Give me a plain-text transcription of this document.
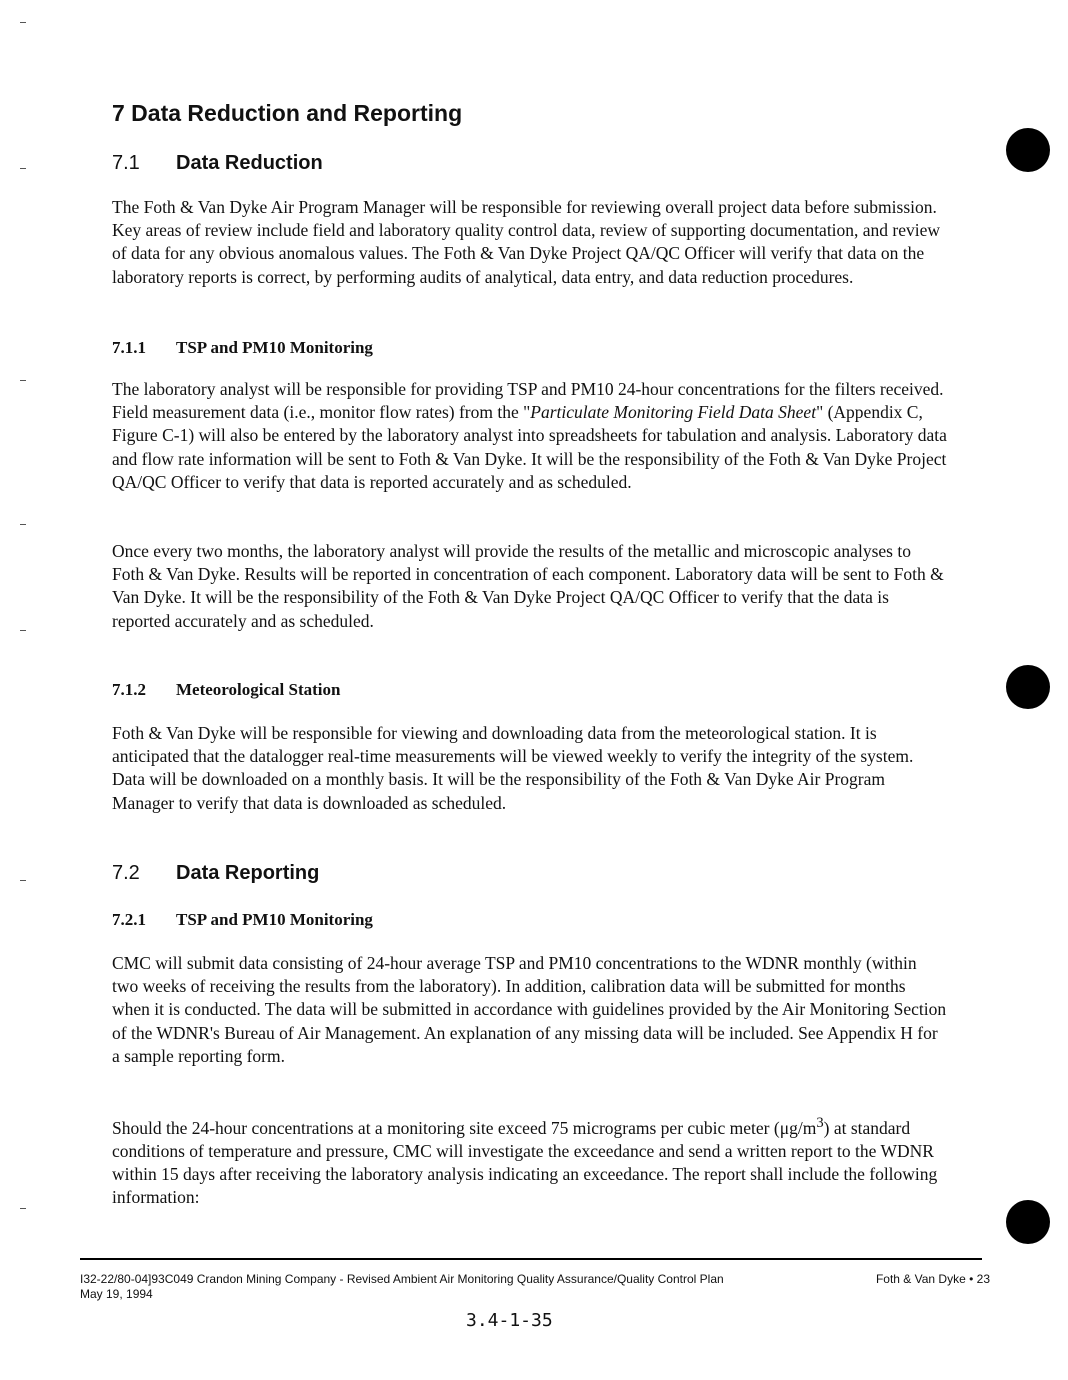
7 Data Reduction and Reporting
7.1 Data Reduction

The Foth & Van Dyke Air Program Manager will be responsible for reviewing overall project data before submission. Key areas of review include field and laboratory quality control data, review of supporting documentation, and review of data for any obvious anomalous values. The Foth & Van Dyke Project QA/QC Officer will verify that data on the laboratory reports is correct, by performing audits of analytical, data entry, and data reduction procedures.

7.1.1 TSP and PM10 Monitoring

The laboratory analyst will be responsible for providing TSP and PM10 24-hour concentrations for the filters received. Field measurement data (i.e., monitor flow rates) from the "Particulate Monitoring Field Data Sheet" (Appendix C, Figure C-1) will also be entered by the laboratory analyst into spreadsheets for tabulation and analysis. Laboratory data and flow rate information will be sent to Foth & Van Dyke. It will be the responsibility of the Foth & Van Dyke Project QA/QC Officer to verify that data is reported accurately and as scheduled.

Once every two months, the laboratory analyst will provide the results of the metallic and microscopic analyses to Foth & Van Dyke. Results will be reported in concentration of each component. Laboratory data will be sent to Foth & Van Dyke. It will be the responsibility of the Foth & Van Dyke Project QA/QC Officer to verify that the data is reported accurately and as scheduled.

7.1.2 Meteorological Station

Foth & Van Dyke will be responsible for viewing and downloading data from the meteorological station. It is anticipated that the datalogger real-time measurements will be viewed weekly to verify the integrity of the system. Data will be downloaded on a monthly basis. It will be the responsibility of the Foth & Van Dyke Air Program Manager to verify that data is downloaded as scheduled.

7.2 Data Reporting
7.2.1 TSP and PM10 Monitoring

CMC will submit data consisting of 24-hour average TSP and PM10 concentrations to the WDNR monthly (within two weeks of receiving the results from the laboratory). In addition, calibration data will be submitted for months when it is conducted. The data will be submitted in accordance with guidelines provided by the Air Monitoring Section of the WDNR's Bureau of Air Management. An explanation of any missing data will be included. See Appendix H for a sample reporting form.

Should the 24-hour concentrations at a monitoring site exceed 75 micrograms per cubic meter $(\mu g/m^3)$ at standard conditions of temperature and pressure, CMC will investigate the exceedance and send a written report to the WDNR within 15 days after receiving the laboratory analysis indicating an exceedance. The report shall include the following information:

I32-22/80-04]93C049 Crandon Mining Company - Revised Ambient Air Monitoring Quality Assurance/Quality Control Plan	Foth & Van Dyke • 23
May 19, 1994
3.4-1-35
